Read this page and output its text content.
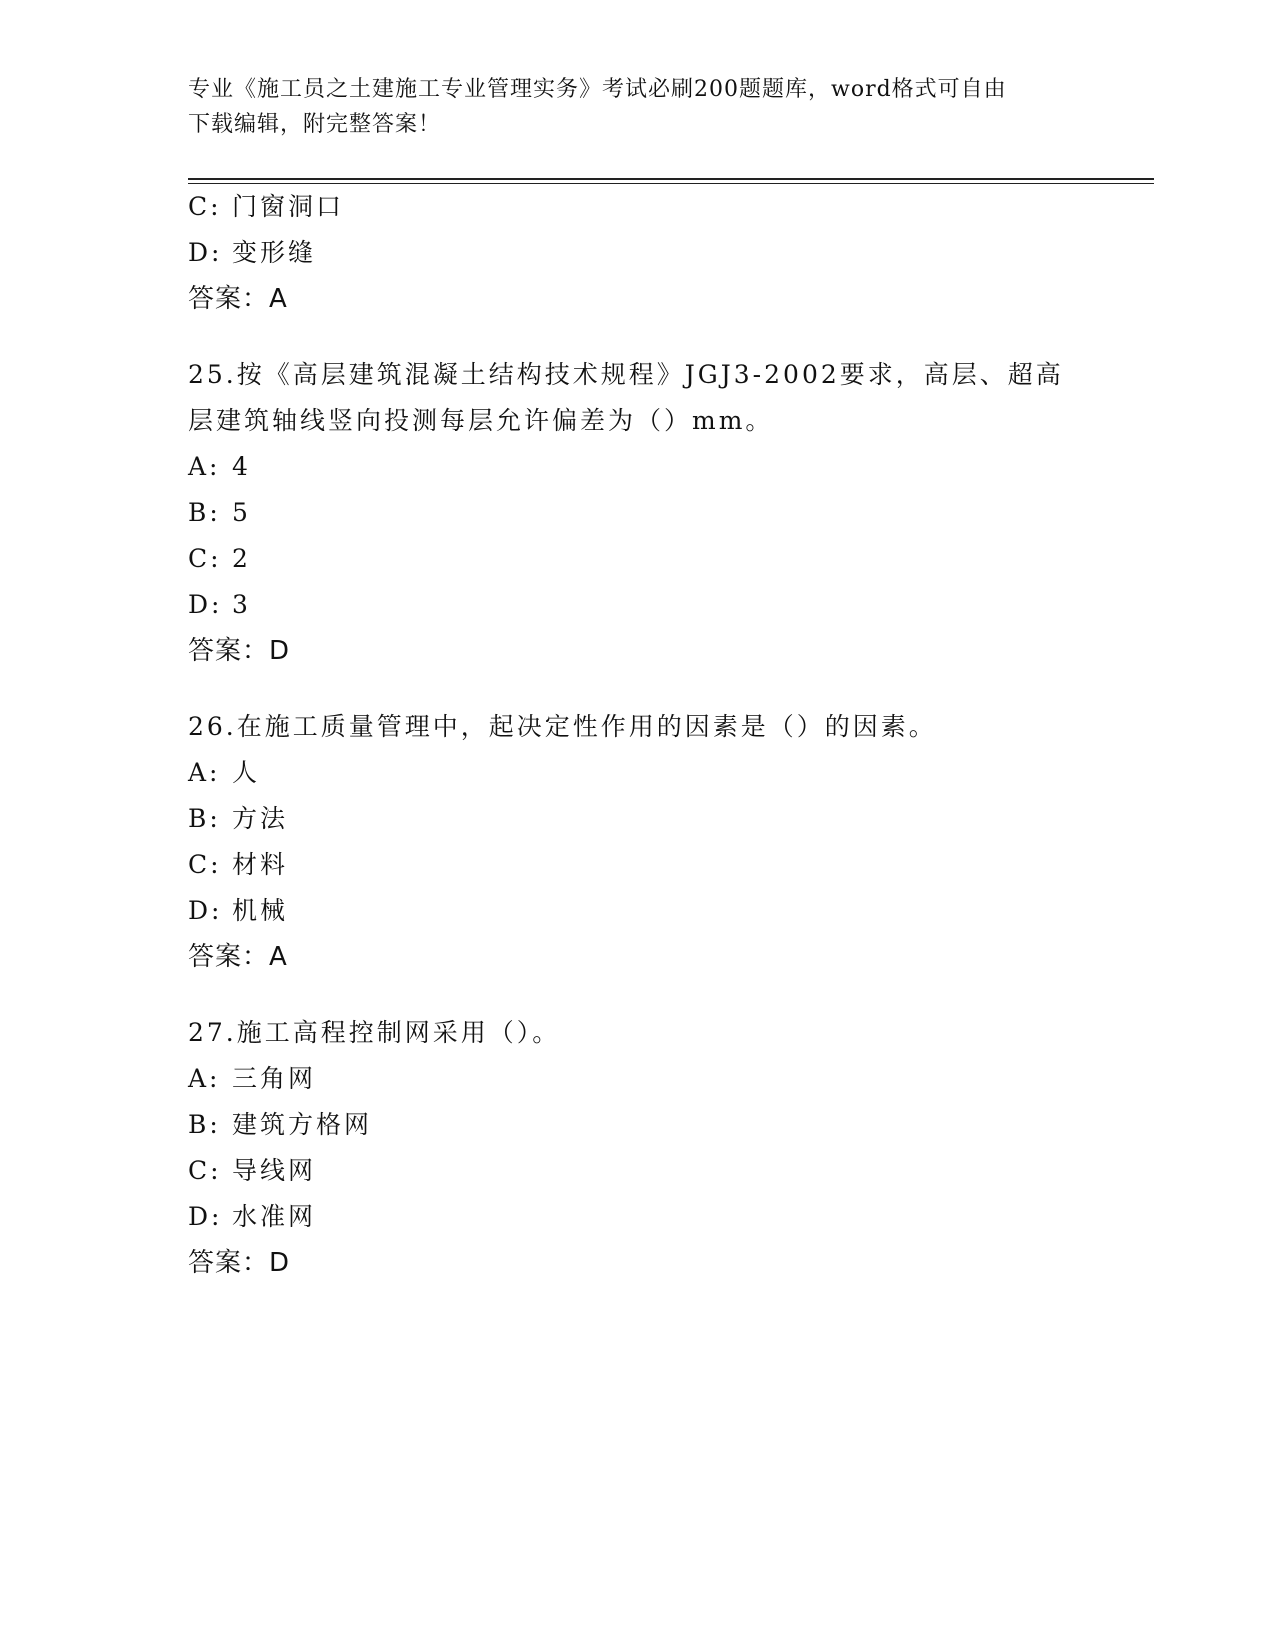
专业《施工员之土建施工专业管理实务》考试必刷200题题库，word格式可自由
下载编辑，附完整答案！
C: 门窗洞口
D: 变形缝
答案：A
25.按《高层建筑混凝土结构技术规程》JGJ3-2002要求，高层、超高
层建筑轴线竖向投测每层允许偏差为（）mm。
A: 4
B: 5
C: 2
D: 3
答案：D
26.在施工质量管理中，起决定性作用的因素是（）的因素。
A: 人
B: 方法
C: 材料
D: 机械
答案：A
27.施工高程控制网采用（）。
A: 三角网
B: 建筑方格网
C: 导线网
D: 水准网
答案：D
